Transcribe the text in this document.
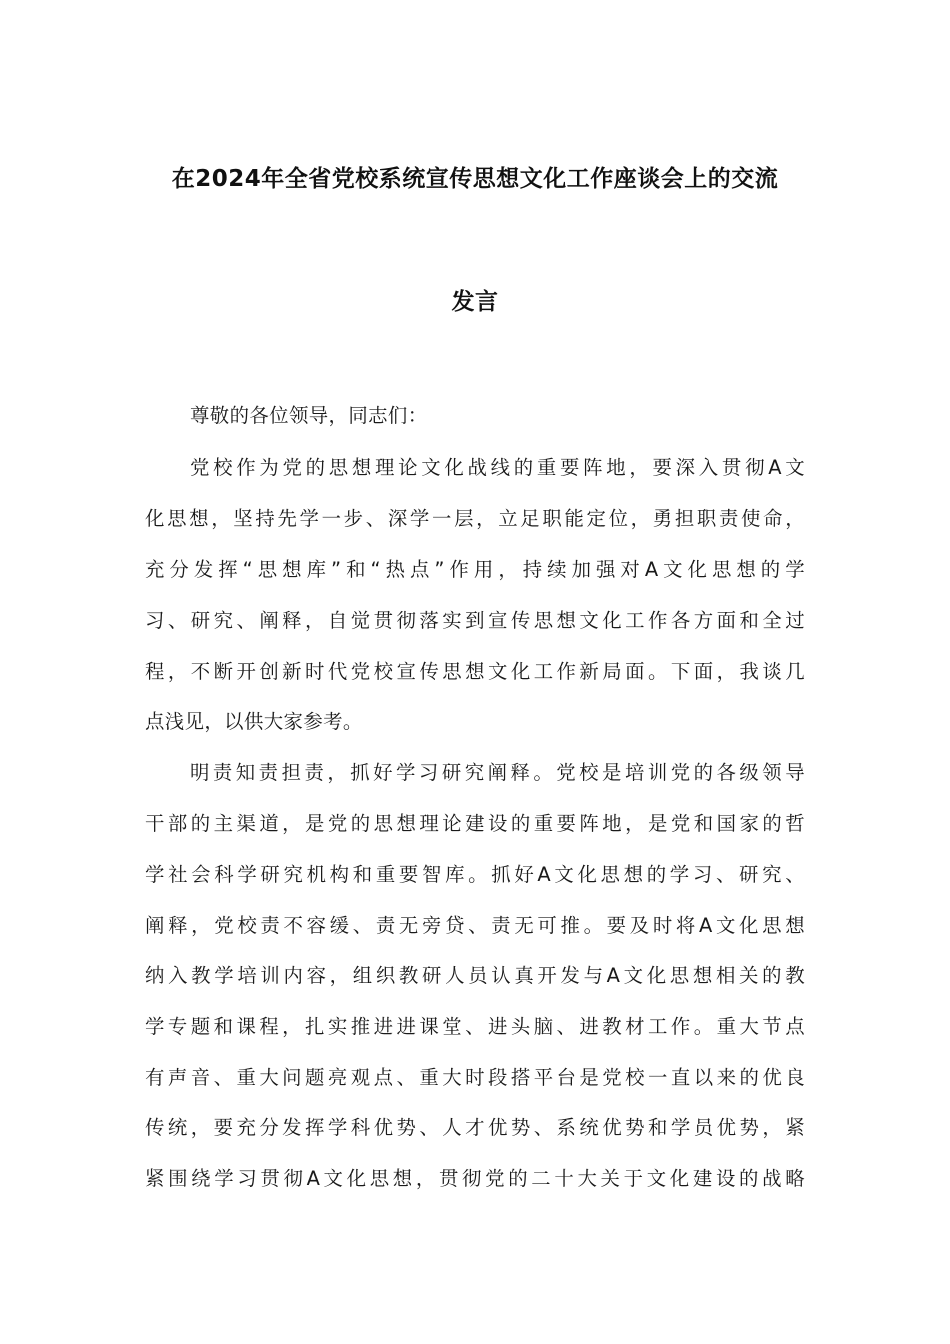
在2024年全省党校系统宣传思想文化工作座谈会上的交流
发言
尊敬的各位领导，同志们：
党校作为党的思想理论文化战线的重要阵地，要深入贯彻A文
化思想，坚持先学一步、深学一层，立足职能定位，勇担职责使命，
充分发挥“思想库”和“热点”作用，持续加强对A文化思想的学
习、研究、阐释，自觉贯彻落实到宣传思想文化工作各方面和全过
程，不断开创新时代党校宣传思想文化工作新局面。下面，我谈几
点浅见，以供大家参考。
明责知责担责，抓好学习研究阐释。党校是培训党的各级领导
干部的主渠道，是党的思想理论建设的重要阵地，是党和国家的哲
学社会科学研究机构和重要智库。抓好A文化思想的学习、研究、
阐释，党校责不容缓、责无旁贷、责无可推。要及时将A文化思想
纳入教学培训内容，组织教研人员认真开发与A文化思想相关的教
学专题和课程，扎实推进进课堂、进头脑、进教材工作。重大节点
有声音、重大问题亮观点、重大时段搭平台是党校一直以来的优良
传统，要充分发挥学科优势、人才优势、系统优势和学员优势，紧
紧围绕学习贯彻A文化思想，贯彻党的二十大关于文化建设的战略
